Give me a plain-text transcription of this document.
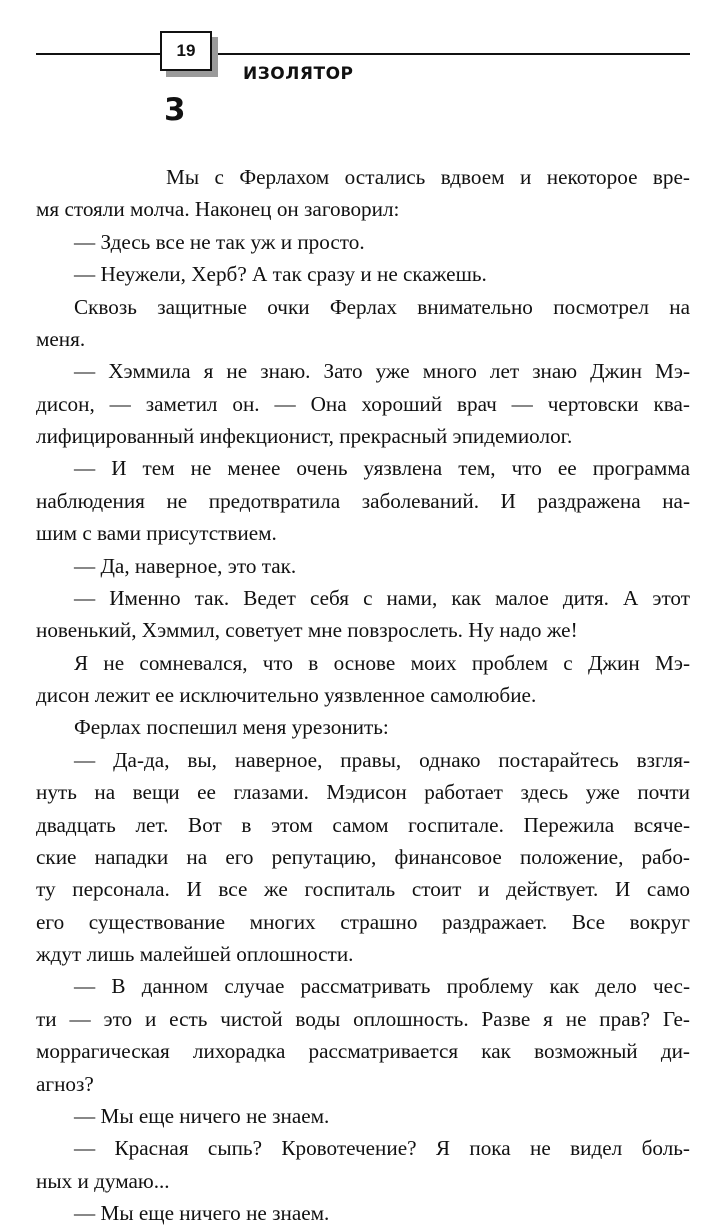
19
ИЗОЛЯТОР
3
Мы с Ферлахом остались вдвоем и некоторое вре-
мя стояли молча. Наконец он заговорил:
— Здесь все не так уж и просто.
— Неужели, Херб? А так сразу и не скажешь.
Сквозь защитные очки Ферлах внимательно посмотрел на
меня.
— Хэммила я не знаю. Зато уже много лет знаю Джин Мэ-
дисон, — заметил он. — Она хороший врач — чертовски ква-
лифицированный инфекционист, прекрасный эпидемиолог.
— И тем не менее очень уязвлена тем, что ее программа
наблюдения не предотвратила заболеваний. И раздражена на-
шим с вами присутствием.
— Да, наверное, это так.
— Именно так. Ведет себя с нами, как малое дитя. А этот
новенький, Хэммил, советует мне повзрослеть. Ну надо же!
Я не сомневался, что в основе моих проблем с Джин Мэ-
дисон лежит ее исключительно уязвленное самолюбие.
Ферлах поспешил меня урезонить:
— Да-да, вы, наверное, правы, однако постарайтесь взгля-
нуть на вещи ее глазами. Мэдисон работает здесь уже почти
двадцать лет. Вот в этом самом госпитале. Пережила всяче-
ские нападки на его репутацию, финансовое положение, рабо-
ту персонала. И все же госпиталь стоит и действует. И само
его существование многих страшно раздражает. Все вокруг
ждут лишь малейшей оплошности.
— В данном случае рассматривать проблему как дело чес-
ти — это и есть чистой воды оплошность. Разве я не прав? Ге-
моррагическая лихорадка рассматривается как возможный ди-
агноз?
— Мы еще ничего не знаем.
— Красная сыпь? Кровотечение? Я пока не видел боль-
ных и думаю...
— Мы еще ничего не знаем.
